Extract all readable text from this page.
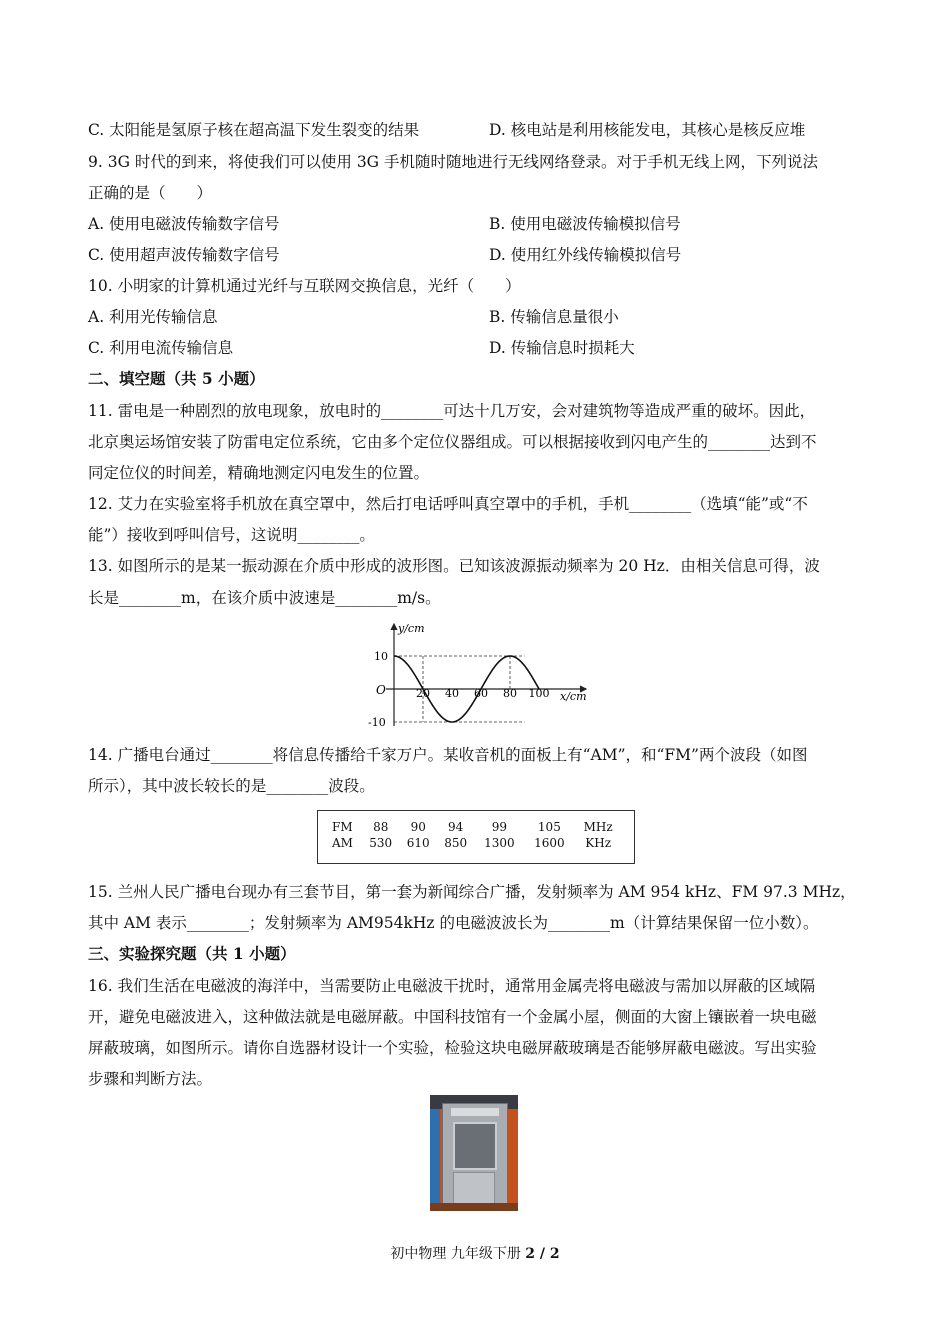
C. 太阳能是氢原子核在超高温下发生裂变的结果	D. 核电站是利用核能发电，其核心是核反应堆
9. 3G 时代的到来，将使我们可以使用 3G 手机随时随地进行无线网络登录。对于手机无线上网，下列说法
正确的是（　　）
A. 使用电磁波传输数字信号	B. 使用电磁波传输模拟信号
C. 使用超声波传输数字信号	D. 使用红外线传输模拟信号
10. 小明家的计算机通过光纤与互联网交换信息，光纤（　　）
A. 利用光传输信息	B. 传输信息量很小
C. 利用电流传输信息	D. 传输信息时损耗大
二、填空题（共 5 小题）
11. 雷电是一种剧烈的放电现象，放电时的________可达十几万安，会对建筑物等造成严重的破坏。因此，
北京奥运场馆安装了防雷电定位系统，它由多个定位仪器组成。可以根据接收到闪电产生的________达到不
同定位仪的时间差，精确地测定闪电发生的位置。
12. 艾力在实验室将手机放在真空罩中，然后打电话呼叫真空罩中的手机，手机________（选填“能”或“不
能”）接收到呼叫信号，这说明________。
13. 如图所示的是某一振动源在介质中形成的波形图。已知该波源振动频率为 20 Hz．由相关信息可得，波
长是________m，在该介质中波速是________m/s。
y/cm
x/cm
O
10
-10
20 40 60 80 100
14. 广播电台通过________将信息传播给千家万户。某收音机的面板上有“AM”，和“FM”两个波段（如图
所示），其中波长较长的是________波段。
FM	88	90	94	99	105	MHz
AM	530	610	850	1300	1600	KHz
15. 兰州人民广播电台现办有三套节目，第一套为新闻综合广播，发射频率为 AM 954 kHz、FM 97.3 MHz，
其中 AM 表示________；发射频率为 AM954kHz 的电磁波波长为________m（计算结果保留一位小数）。
三、实验探究题（共 1 小题）
16. 我们生活在电磁波的海洋中，当需要防止电磁波干扰时，通常用金属壳将电磁波与需加以屏蔽的区域隔
开，避免电磁波进入，这种做法就是电磁屏蔽。中国科技馆有一个金属小屋，侧面的大窗上镶嵌着一块电磁
屏蔽玻璃，如图所示。请你自选器材设计一个实验，检验这块电磁屏蔽玻璃是否能够屏蔽电磁波。写出实验
步骤和判断方法。
初中物理 九年级下册 2 / 2
